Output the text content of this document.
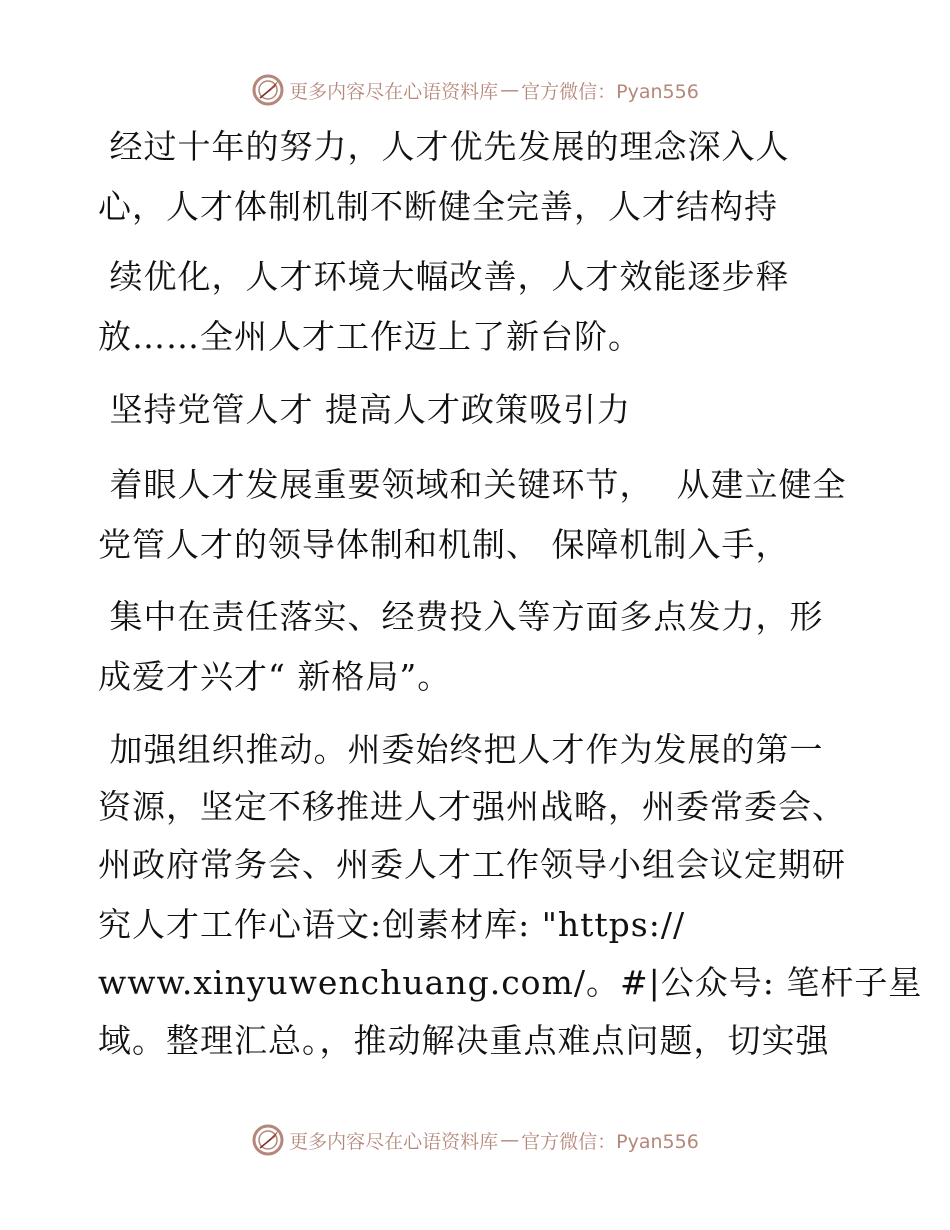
更多内容尽在心语资料库 — 官方微信：Pyan556
经过十年的努力，人才优先发展的理念深入人
心，人才体制机制不断健全完善，人才结构持
续优化，人才环境大幅改善，人才效能逐步释
放……全州人才工作迈上了新台阶。
坚持党管人才 提高人才政策吸引力
着眼人才发展重要领域和关键环节，  从建立健全
党管人才的领导体制和机制、 保障机制入手，
集中在责任落实、经费投入等方面多点发力，形
成爱才兴才“ 新格局”。
加强组织推动。州委始终把人才作为发展的第一
资源，坚定不移推进人才强州战略，州委常委会、
州政府常务会、州委人才工作领导小组会议定期研
究人才工作心语文:创素材库: "https://
www.xinyuwenchuang.com/。#|公众号: 笔杆子星
域。整理汇总。，推动解决重点难点问题，切实强
更多内容尽在心语资料库 — 官方微信：Pyan556
